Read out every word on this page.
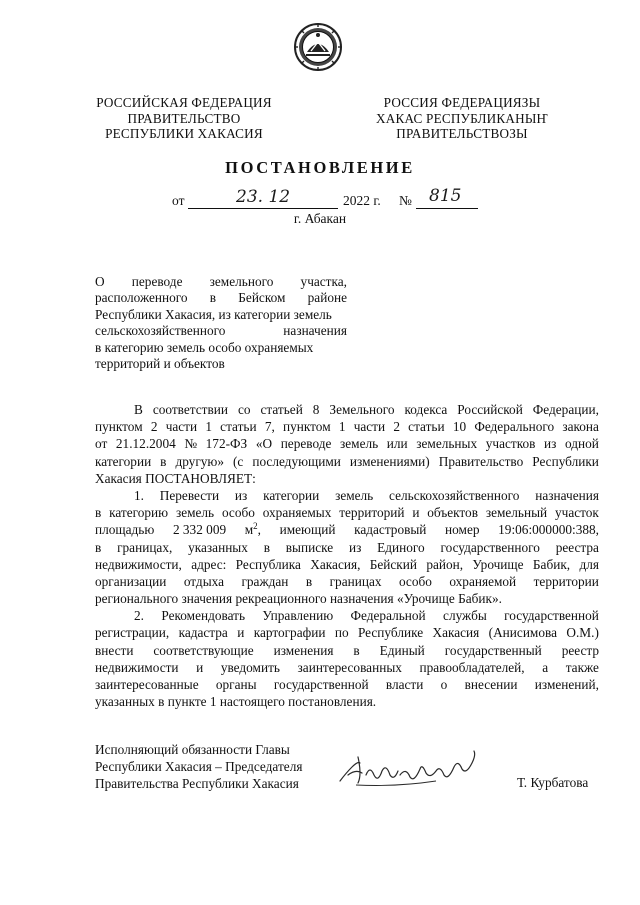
РОССИЙСКАЯ ФЕДЕРАЦИЯ
ПРАВИТЕЛЬСТВО
РЕСПУБЛИКИ ХАКАСИЯ
РОССИЯ ФЕДЕРАЦИЯЗЫ
ХАКАС РЕСПУБЛИКАНЫҤ
ПРАВИТЕЛЬСТВОЗЫ
ПОСТАНОВЛЕНИЕ
от	23. 12	2022 г. № 815
г. Абакан
О переводе земельного участка,
расположенного в Бейском районе
Республики Хакасия, из категории земель
сельскохозяйственного	назначения
в категорию земель особо охраняемых
территорий и объектов
В соответствии со статьей 8 Земельного кодекса Российской Федерации,
пунктом 2 части 1 статьи 7, пунктом 1 части 2 статьи 10 Федерального закона
от 21.12.2004 № 172-ФЗ «О переводе земель или земельных участков из одной
категории в другую» (с последующими изменениями) Правительство Республики
Хакасия ПОСТАНОВЛЯЕТ:
1. Перевести из категории земель сельскохозяйственного назначения
в категорию земель особо охраняемых территорий и объектов земельный участок
площадью 2 332 009 $м^2$, имеющий кадастровый номер 19:06:000000:388,
в границах, указанных в выписке из Единого государственного реестра
недвижимости, адрес: Республика Хакасия, Бейский район, Урочище Бабик, для
организации отдыха граждан в границах особо охраняемой территории
регионального значения рекреационного назначения «Урочище Бабик».
2. Рекомендовать Управлению Федеральной службы государственной
регистрации, кадастра и картографии по Республике Хакасия (Анисимова О.М.)
внести соответствующие изменения в Единый государственный реестр
недвижимости и уведомить заинтересованных правообладателей, а также
заинтересованные органы государственной власти о внесении изменений,
указанных в пункте 1 настоящего постановления.
Исполняющий обязанности Главы
Республики Хакасия – Председателя
Правительства Республики Хакасия	Т. Курбатова
